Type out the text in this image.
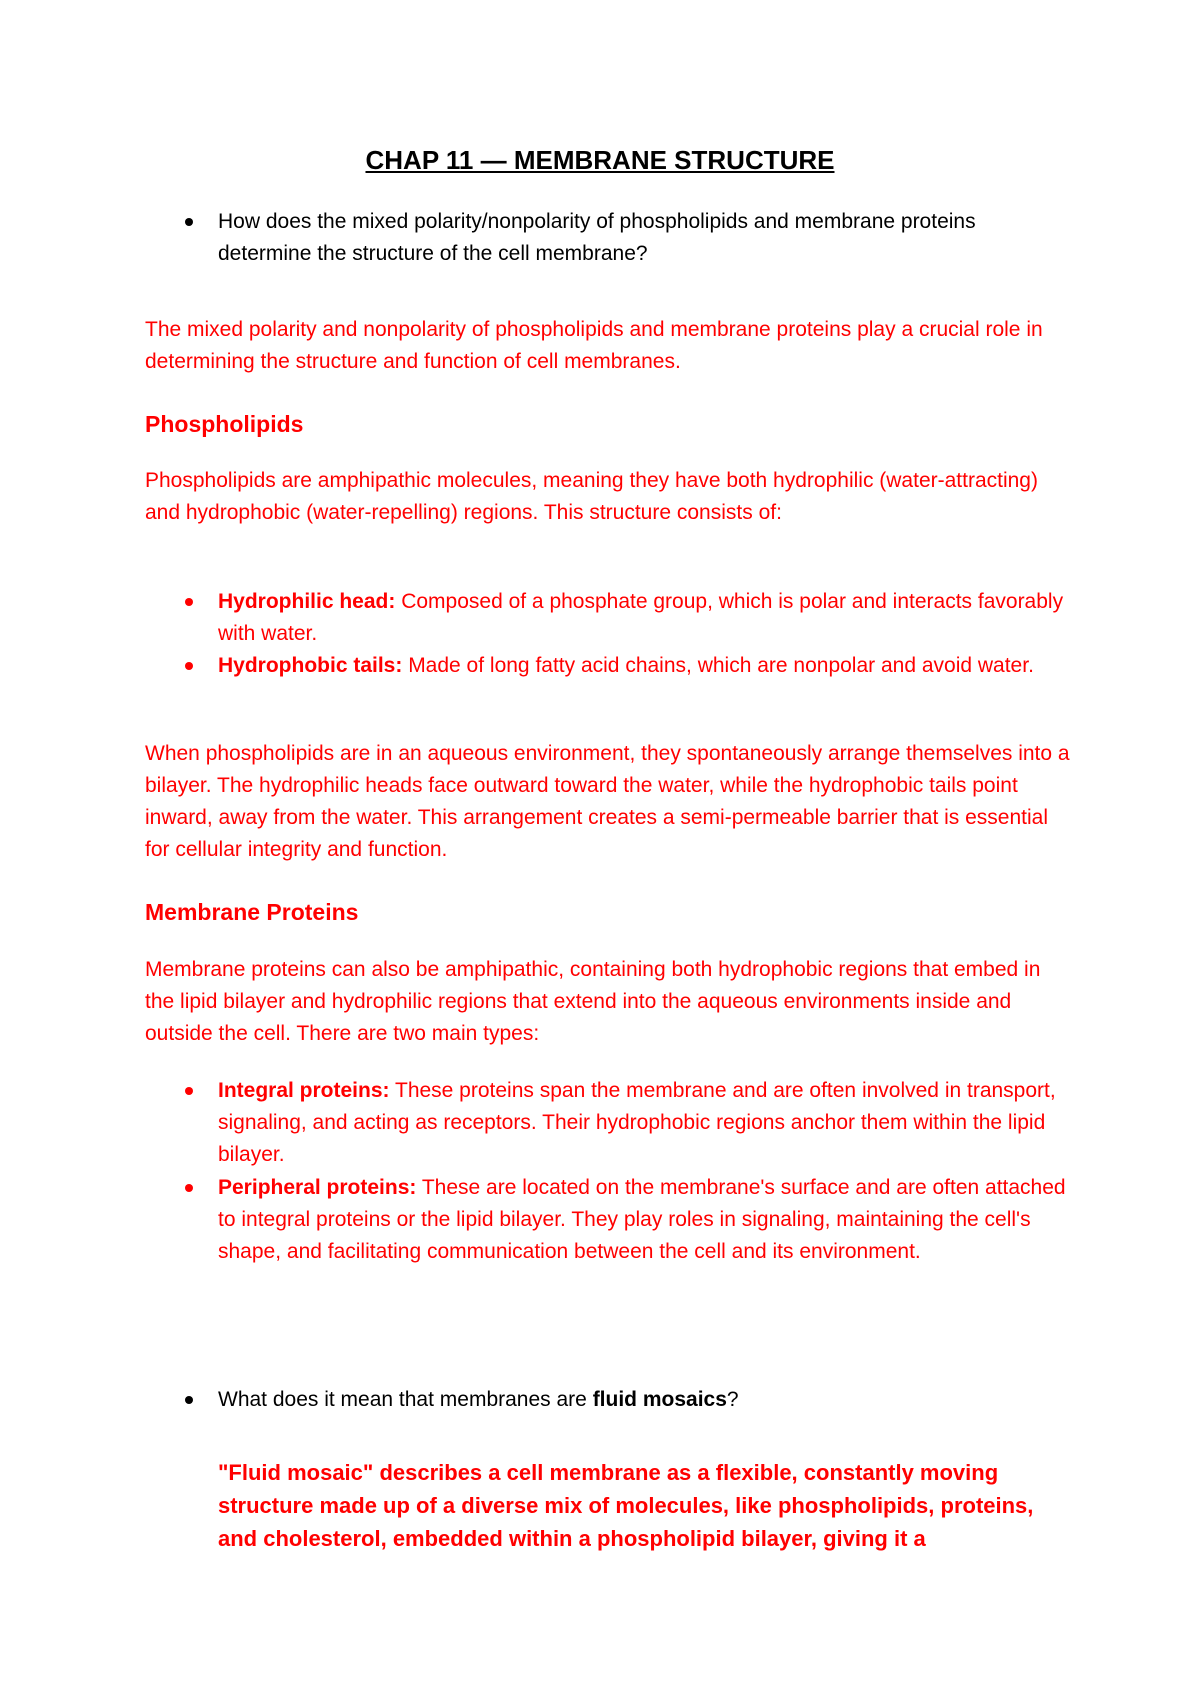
CHAP 11 — MEMBRANE STRUCTURE

How does the mixed polarity/nonpolarity of phospholipids and membrane proteins determine the structure of the cell membrane?

The mixed polarity and nonpolarity of phospholipids and membrane proteins play a crucial role in determining the structure and function of cell membranes.

Phospholipids

Phospholipids are amphipathic molecules, meaning they have both hydrophilic (water-attracting) and hydrophobic (water-repelling) regions. This structure consists of:

Hydrophilic head: Composed of a phosphate group, which is polar and interacts favorably with water.

Hydrophobic tails: Made of long fatty acid chains, which are nonpolar and avoid water.

When phospholipids are in an aqueous environment, they spontaneously arrange themselves into a bilayer. The hydrophilic heads face outward toward the water, while the hydrophobic tails point inward, away from the water. This arrangement creates a semi-permeable barrier that is essential for cellular integrity and function.

Membrane Proteins

Membrane proteins can also be amphipathic, containing both hydrophobic regions that embed in the lipid bilayer and hydrophilic regions that extend into the aqueous environments inside and outside the cell. There are two main types:

Integral proteins: These proteins span the membrane and are often involved in transport, signaling, and acting as receptors. Their hydrophobic regions anchor them within the lipid bilayer.

Peripheral proteins: These are located on the membrane's surface and are often attached to integral proteins or the lipid bilayer. They play roles in signaling, maintaining the cell's shape, and facilitating communication between the cell and its environment.

What does it mean that membranes are fluid mosaics?

"Fluid mosaic" describes a cell membrane as a flexible, constantly moving structure made up of a diverse mix of molecules, like phospholipids, proteins, and cholesterol, embedded within a phospholipid bilayer, giving it a
